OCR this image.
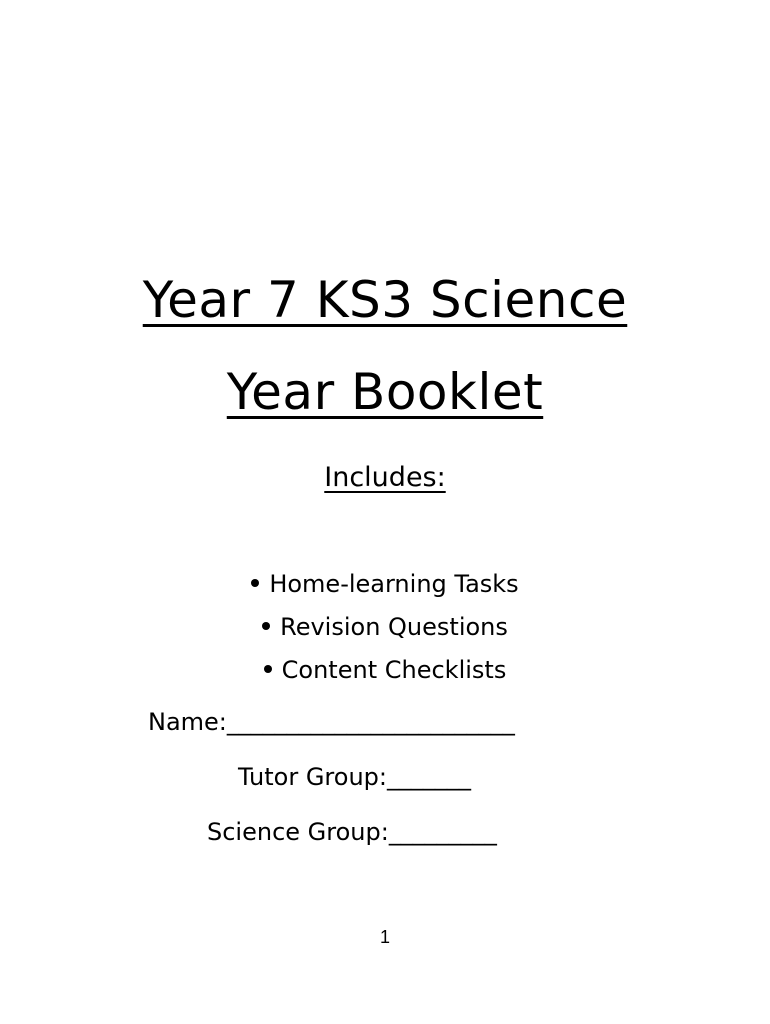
Year 7 KS3 Science
Year Booklet
Includes:
Home-learning Tasks
Revision Questions
Content Checklists
Name:________________________
Tutor Group:_______
Science Group:_________
1
